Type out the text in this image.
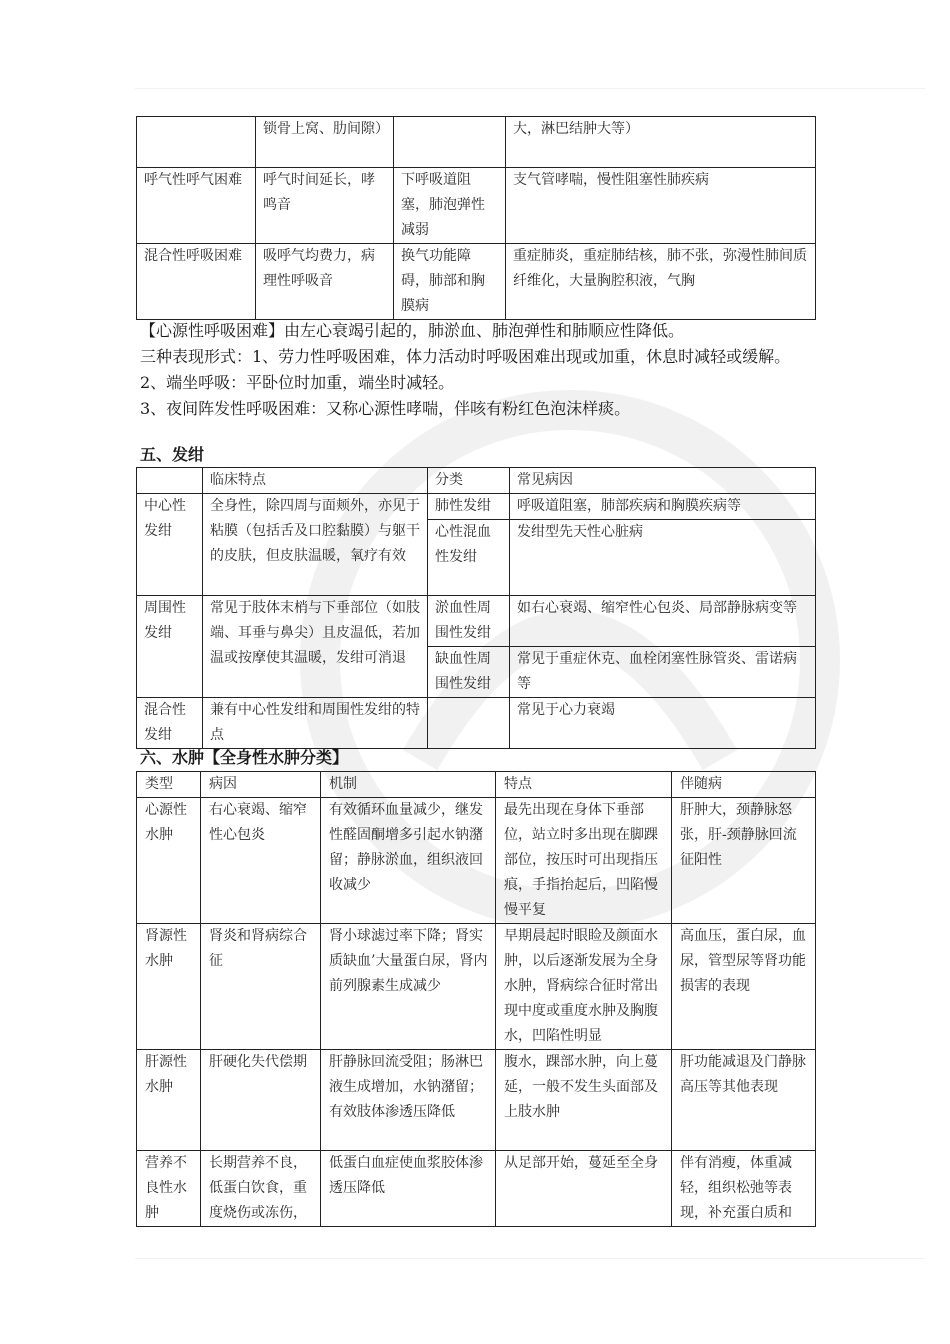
	锁骨上窝、肋间隙）		大，淋巴结肿大等）
呼气性呼气困难	呼气时间延长，哮鸣音	下呼吸道阻塞，肺泡弹性减弱	支气管哮喘，慢性阻塞性肺疾病
混合性呼吸困难	吸呼气均费力，病理性呼吸音	换气功能障碍，肺部和胸膜病	重症肺炎，重症肺结核，肺不张，弥漫性肺间质纤维化，大量胸腔积液，气胸
【心源性呼吸困难】由左心衰竭引起的，肺淤血、肺泡弹性和肺顺应性降低。
三种表现形式：1、劳力性呼吸困难，体力活动时呼吸困难出现或加重，休息时减轻或缓解。
2、端坐呼吸：平卧位时加重，端坐时减轻。
3、夜间阵发性呼吸困难：又称心源性哮喘，伴咳有粉红色泡沫样痰。
五、发绀
	临床特点	分类	常见病因
中心性发绀	全身性，除四周与面颊外，亦见于粘膜（包括舌及口腔黏膜）与躯干的皮肤，但皮肤温暖，氧疗有效	肺性发绀	呼吸道阻塞，肺部疾病和胸膜疾病等
		心性混血性发绀	发绀型先天性心脏病
周围性发绀	常见于肢体末梢与下垂部位（如肢端、耳垂与鼻尖）且皮温低，若加温或按摩使其温暖，发绀可消退	淤血性周围性发绀	如右心衰竭、缩窄性心包炎、局部静脉病变等
		缺血性周围性发绀	常见于重症休克、血栓闭塞性脉管炎、雷诺病等
混合性发绀	兼有中心性发绀和周围性发绀的特点		常见于心力衰竭
六、水肿【全身性水肿分类】
类型	病因	机制	特点	伴随病
心源性水肿	右心衰竭、缩窄性心包炎	有效循环血量减少，继发性醛固酮增多引起水钠潴留；静脉淤血，组织液回收减少	最先出现在身体下垂部位，站立时多出现在脚踝部位，按压时可出现指压痕，手指抬起后，凹陷慢慢平复	肝肿大，颈静脉怒张，肝-颈静脉回流征阳性
肾源性水肿	肾炎和肾病综合征	肾小球滤过率下降；肾实质缺血’大量蛋白尿，肾内前列腺素生成减少	早期晨起时眼睑及颜面水肿，以后逐渐发展为全身水肿，肾病综合征时常出现中度或重度水肿及胸腹水，凹陷性明显	高血压，蛋白尿，血尿，管型尿等肾功能损害的表现
肝源性水肿	肝硬化失代偿期	肝静脉回流受阻；肠淋巴液生成增加，水钠潴留；有效肢体渗透压降低	腹水，踝部水肿，向上蔓延，一般不发生头面部及上肢水肿	肝功能减退及门静脉高压等其他表现
营养不良性水肿	长期营养不良，低蛋白饮食，重度烧伤或冻伤，	低蛋白血症使血浆胶体渗透压降低	从足部开始，蔓延至全身	伴有消瘦，体重减轻，组织松弛等表现，补充蛋白质和
